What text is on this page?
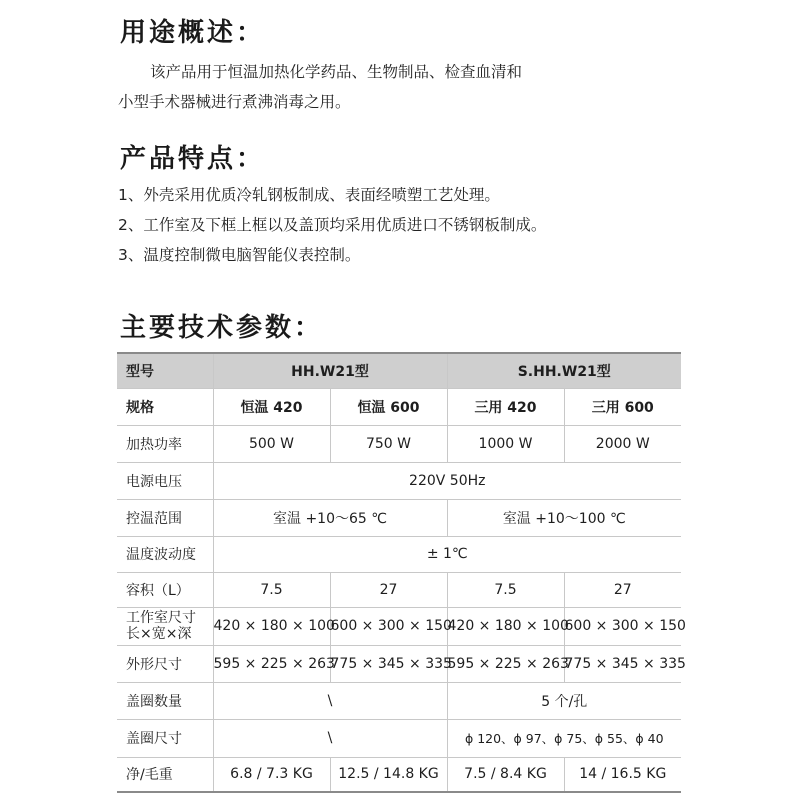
用途概述：
该产品用于恒温加热化学药品、生物制品、检查血清和
小型手术器械进行煮沸消毒之用。
产品特点：
1、外壳采用优质冷轧钢板制成、表面经喷塑工艺处理。
2、工作室及下框上框以及盖顶均采用优质进口不锈钢板制成。
3、温度控制微电脑智能仪表控制。
主要技术参数：
型号	HH.W21型		S.HH.W21型	
规格	恒温 420	恒温 600	三用 420	三用 600
加热功率	500 W	750 W	1000 W	2000 W
电源电压	220V 50Hz			
控温范围	室温 +10～65 ℃		室温 +10～100 ℃	
温度波动度	± 1℃			
容积（L）	7.5	27	7.5	27
工作室尺寸
长×宽×深	420 × 180 × 100	600 × 300 × 150	420 × 180 × 100	600 × 300 × 150
外形尺寸	595 × 225 × 263	775 × 345 × 335	595 × 225 × 263	775 × 345 × 335
盖圈数量	\		5 个/孔	
盖圈尺寸	\		ϕ 120、ϕ 97、ϕ 75、ϕ 55、ϕ 40	
净/毛重	6.8 / 7.3 KG	12.5 / 14.8 KG	7.5 / 8.4 KG	14 / 16.5 KG
